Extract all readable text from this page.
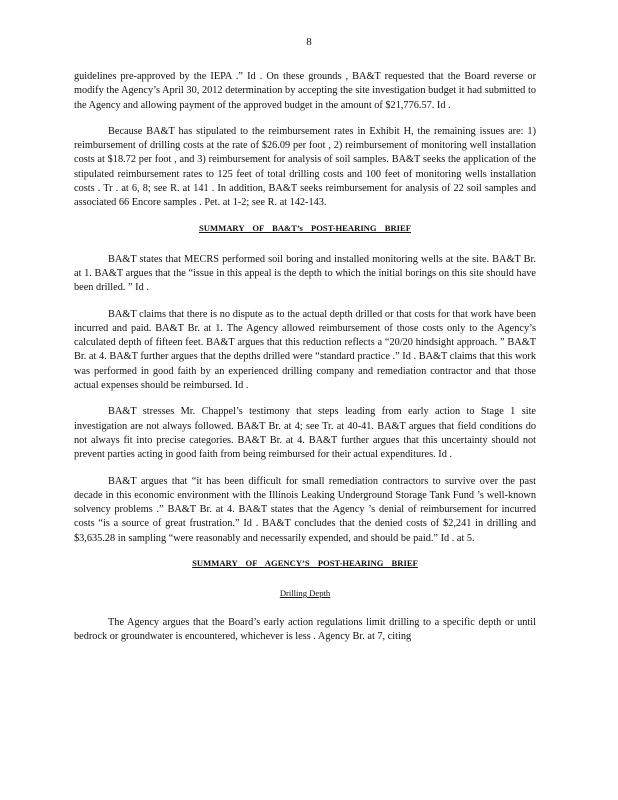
8

guidelines pre-approved by the IEPA .” Id . On these grounds , BA&T requested that the Board reverse or modify the Agency’s April 30, 2012 determination by accepting the site investigation budget it had submitted to the Agency and allowing payment of the approved budget in the amount of $21,776.57. Id .

Because BA&T has stipulated to the reimbursement rates in Exhibit H, the remaining issues are: 1) reimbursement of drilling costs at the rate of $26.09 per foot , 2) reimbursement of monitoring well installation costs at $18.72 per foot , and 3) reimbursement for analysis of soil samples. BA&T seeks the application of the stipulated reimbursement rates to 125 feet of total drilling costs and 100 feet of monitoring wells installation costs . Tr . at 6, 8; see R. at 141 . In addition, BA&T seeks reimbursement for analysis of 22 soil samples and associated 66 Encore samples . Pet. at 1-2; see R. at 142-143.

SUMMARY OF BA&T’s POST-HEARING BRIEF

BA&T states that MECRS performed soil boring and installed monitoring wells at the site. BA&T Br. at 1. BA&T argues that the “issue in this appeal is the depth to which the initial borings on this site should have been drilled. ” Id .

BA&T claims that there is no dispute as to the actual depth drilled or that costs for that work have been incurred and paid. BA&T Br. at 1. The Agency allowed reimbursement of those costs only to the Agency’s calculated depth of fifteen feet. BA&T argues that this reduction reflects a “20/20 hindsight approach. ” BA&T Br. at 4. BA&T further argues that the depths drilled were “standard practice .” Id . BA&T claims that this work was performed in good faith by an experienced drilling company and remediation contractor and that those actual expenses should be reimbursed. Id .

BA&T stresses Mr. Chappel’s testimony that steps leading from early action to Stage 1 site investigation are not always followed. BA&T Br. at 4; see Tr. at 40-41. BA&T argues that field conditions do not always fit into precise categories. BA&T Br. at 4. BA&T further argues that this uncertainty should not prevent parties acting in good faith from being reimbursed for their actual expenditures. Id .

BA&T argues that “it has been difficult for small remediation contractors to survive over the past decade in this economic environment with the Illinois Leaking Underground Storage Tank Fund ’s well-known solvency problems .” BA&T Br. at 4. BA&T states that the Agency ’s denial of reimbursement for incurred costs “is a source of great frustration.” Id . BA&T concludes that the denied costs of $2,241 in drilling and $3,635.28 in sampling “were reasonably and necessarily expended, and should be paid.” Id . at 5.

SUMMARY OF AGENCY’S POST-HEARING BRIEF

Drilling Depth

The Agency argues that the Board’s early action regulations limit drilling to a specific depth or until bedrock or groundwater is encountered, whichever is less . Agency Br. at 7, citing
